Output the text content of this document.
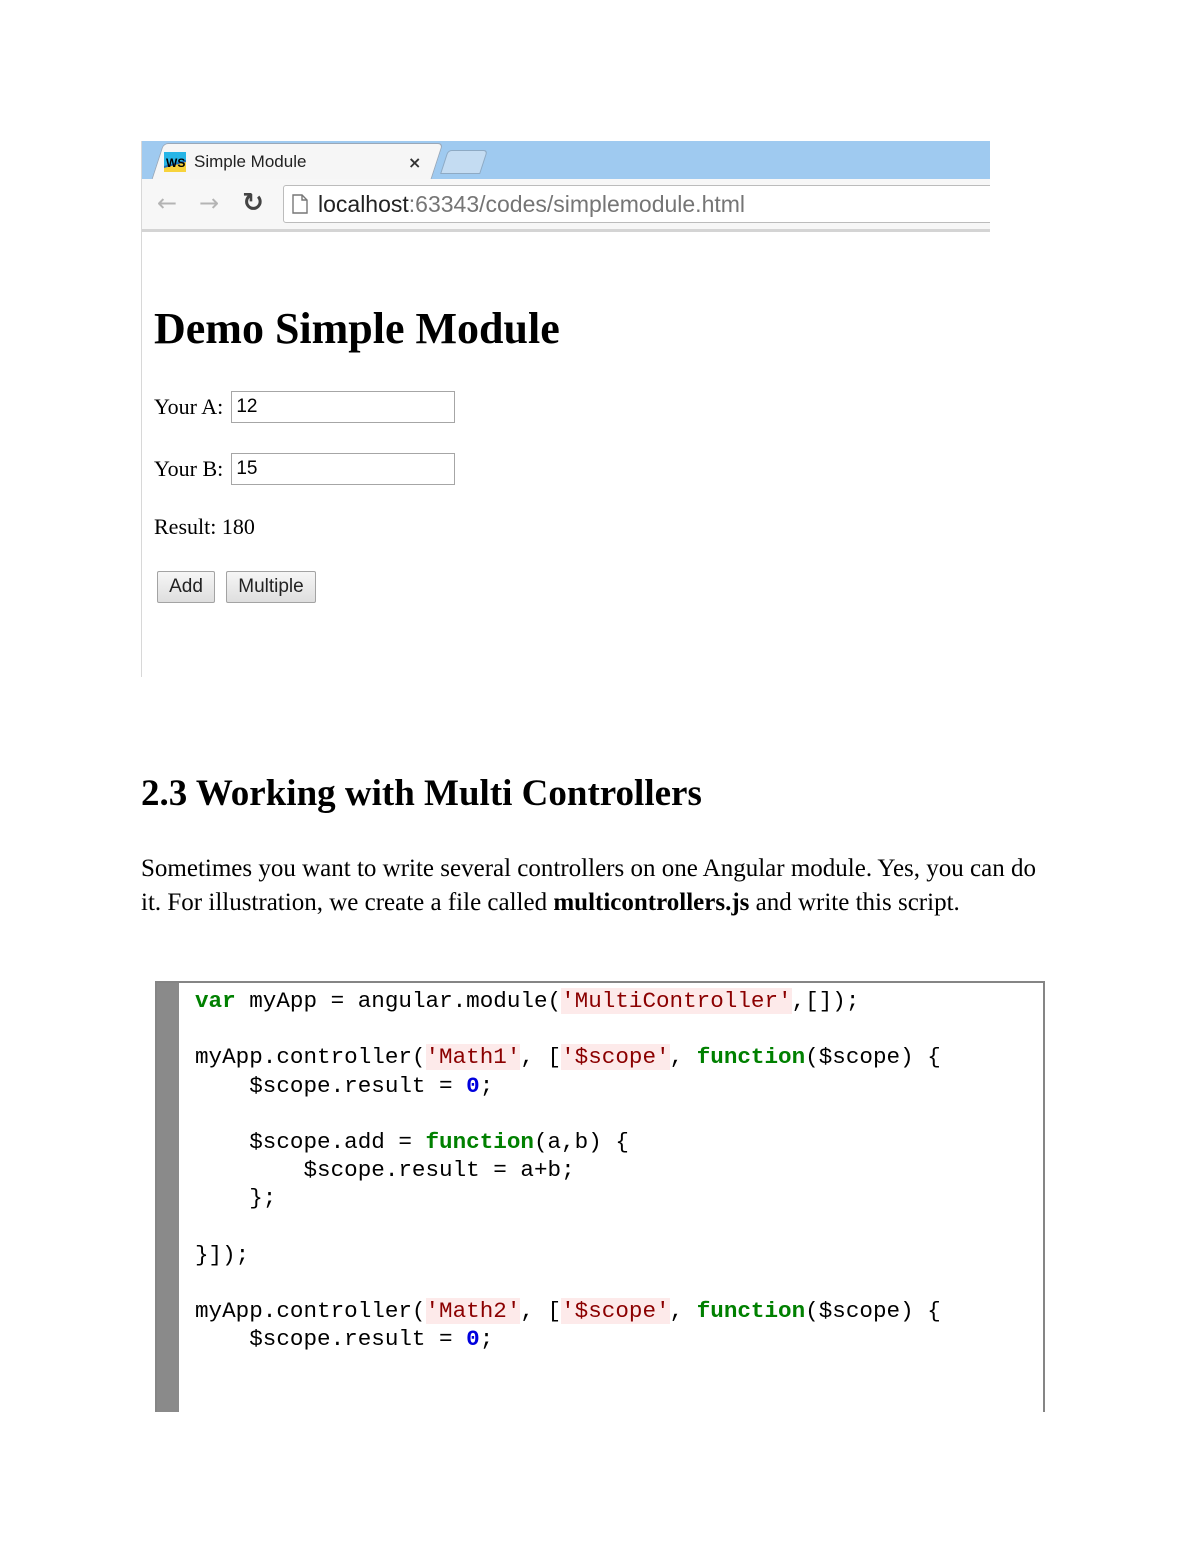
WS Simple Module	×
← → ↻ localhost:63343/codes/simplemodule.html
Demo Simple Module
Your A: 12
Your B: 15
Result: 180
Add	Multiple
2.3 Working with Multi Controllers

Sometimes you want to write several controllers on one Angular module. Yes, you can do it. For illustration, we create a file called multicontrollers.js and write this script.

var myApp = angular.module('MultiController',[]);
myApp.controller('Math1', ['$scope', function($scope) {
$scope.result = 0;
$scope.add = function(a,b) {
$scope.result = a+b;
};
}]);
myApp.controller('Math2', ['$scope', function($scope) {
$scope.result = 0;
